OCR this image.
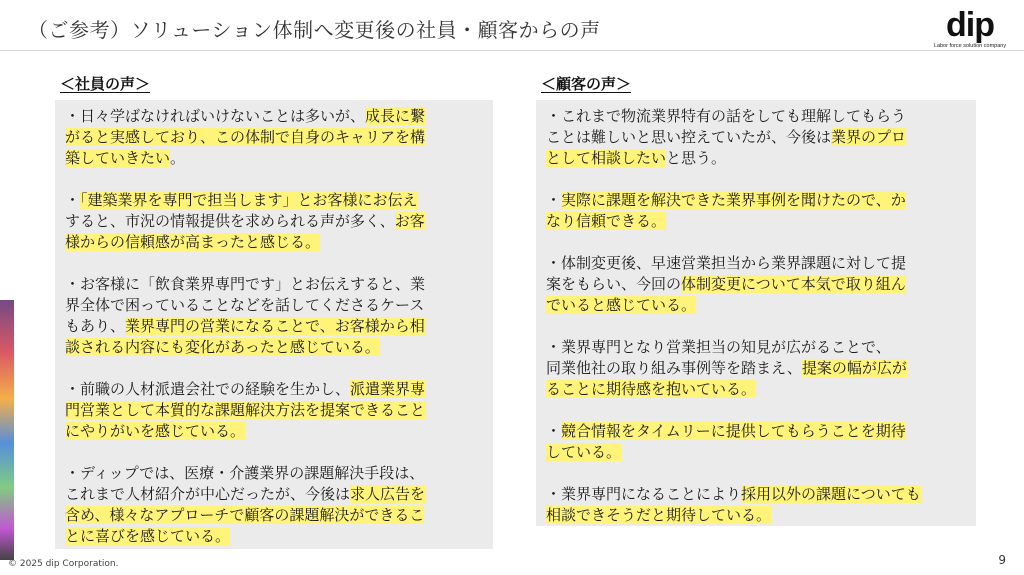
（ご参考）ソリューション体制へ変更後の社員・顧客からの声	dip
Labor force solution company
＜社員の声＞

・日々学ばなければいけないことは多いが、成長に繋
がると実感しており、この体制で自身のキャリアを構
築していきたい。

・「建築業界を専門で担当します」とお客様にお伝え
すると、市況の情報提供を求められる声が多く、お客
様からの信頼感が高まったと感じる。

・お客様に「飲食業界専門です」とお伝えすると、業
界全体で困っていることなどを話してくださるケース
もあり、業界専門の営業になることで、お客様から相
談される内容にも変化があったと感じている。

・前職の人材派遣会社での経験を生かし、派遣業界専
門営業として本質的な課題解決方法を提案できること
にやりがいを感じている。

・ディップでは、医療・介護業界の課題解決手段は、
これまで人材紹介が中心だったが、今後は求人広告を
含め、様々なアプローチで顧客の課題解決ができるこ
とに喜びを感じている。

＜顧客の声＞

・これまで物流業界特有の話をしても理解してもらう
ことは難しいと思い控えていたが、今後は業界のプロ
として相談したいと思う。

・実際に課題を解決できた業界事例を聞けたので、か
なり信頼できる。

・体制変更後、早速営業担当から業界課題に対して提
案をもらい、今回の体制変更について本気で取り組ん
でいると感じている。

・業界専門となり営業担当の知見が広がることで、
同業他社の取り組み事例等を踏まえ、提案の幅が広が
ることに期待感を抱いている。

・競合情報をタイムリーに提供してもらうことを期待
している。

・業界専門になることにより採用以外の課題についても
相談できそうだと期待している。

© 2025 dip Corporation.	9
